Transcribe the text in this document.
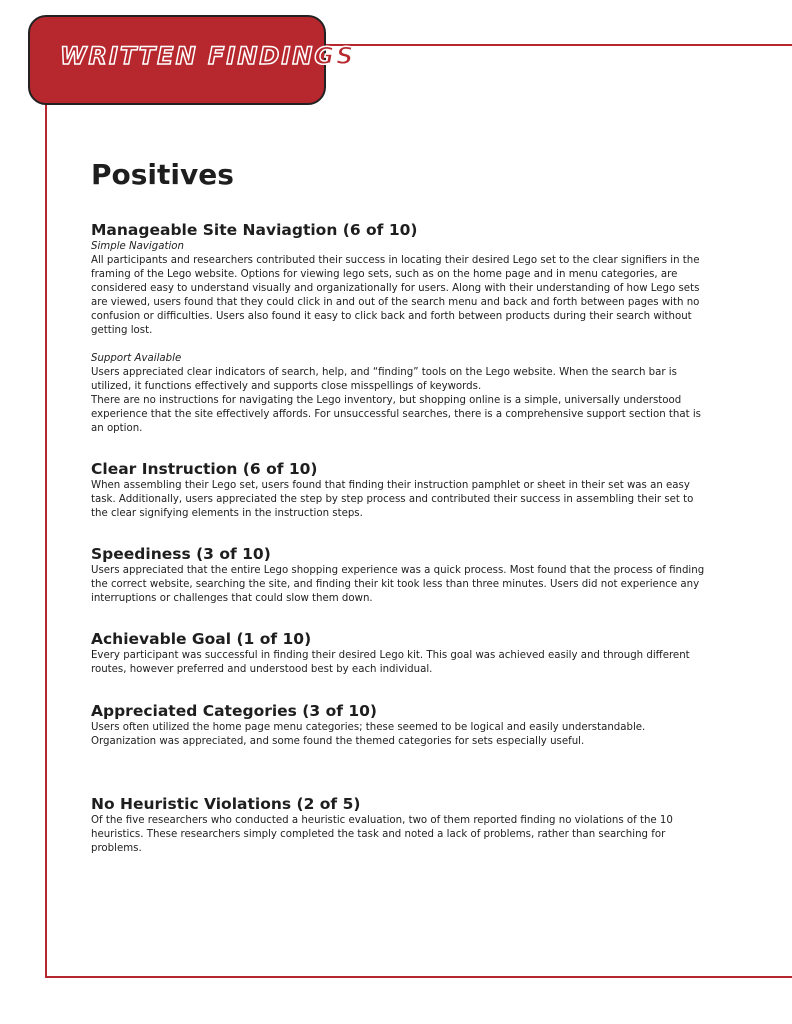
WRITTEN FINDINGS
Positives
Manageable Site Naviagtion (6 of 10)

Simple Navigation

All participants and researchers contributed their success in locating their desired Lego set to the clear signifiers in the framing of the Lego website. Options for viewing lego sets, such as on the home page and in menu categories, are considered easy to understand visually and organizationally for users. Along with their understanding of how Lego sets are viewed, users found that they could click in and out of the search menu and back and forth between pages with no confusion or difficulties. Users also found it easy to click back and forth between products during their search without getting lost.

Support Available

Users appreciated clear indicators of search, help, and “finding” tools on the Lego website. When the search bar is utilized, it functions effectively and supports close misspellings of keywords.

There are no instructions for navigating the Lego inventory, but shopping online is a simple, universally understood experience that the site effectively affords. For unsuccessful searches, there is a comprehensive support section that is an option.

Clear Instruction (6 of 10)

When assembling their Lego set, users found that finding their instruction pamphlet or sheet in their set was an easy task. Additionally, users appreciated the step by step process and contributed their success in assembling their set to the clear signifying elements in the instruction steps.

Speediness (3 of 10)

Users appreciated that the entire Lego shopping experience was a quick process. Most found that the process of finding the correct website, searching the site, and finding their kit took less than three minutes. Users did not experience any interruptions or challenges that could slow them down.

Achievable Goal (1 of 10)

Every participant was successful in finding their desired Lego kit. This goal was achieved easily and through different routes, however preferred and understood best by each individual.

Appreciated Categories (3 of 10)

Users often utilized the home page menu categories; these seemed to be logical and easily understandable. Organization was appreciated, and some found the themed categories for sets especially useful.

No Heuristic Violations (2 of 5)

Of the five researchers who conducted a heuristic evaluation, two of them reported finding no violations of the 10 heuristics. These researchers simply completed the task and noted a lack of problems, rather than searching for problems.
